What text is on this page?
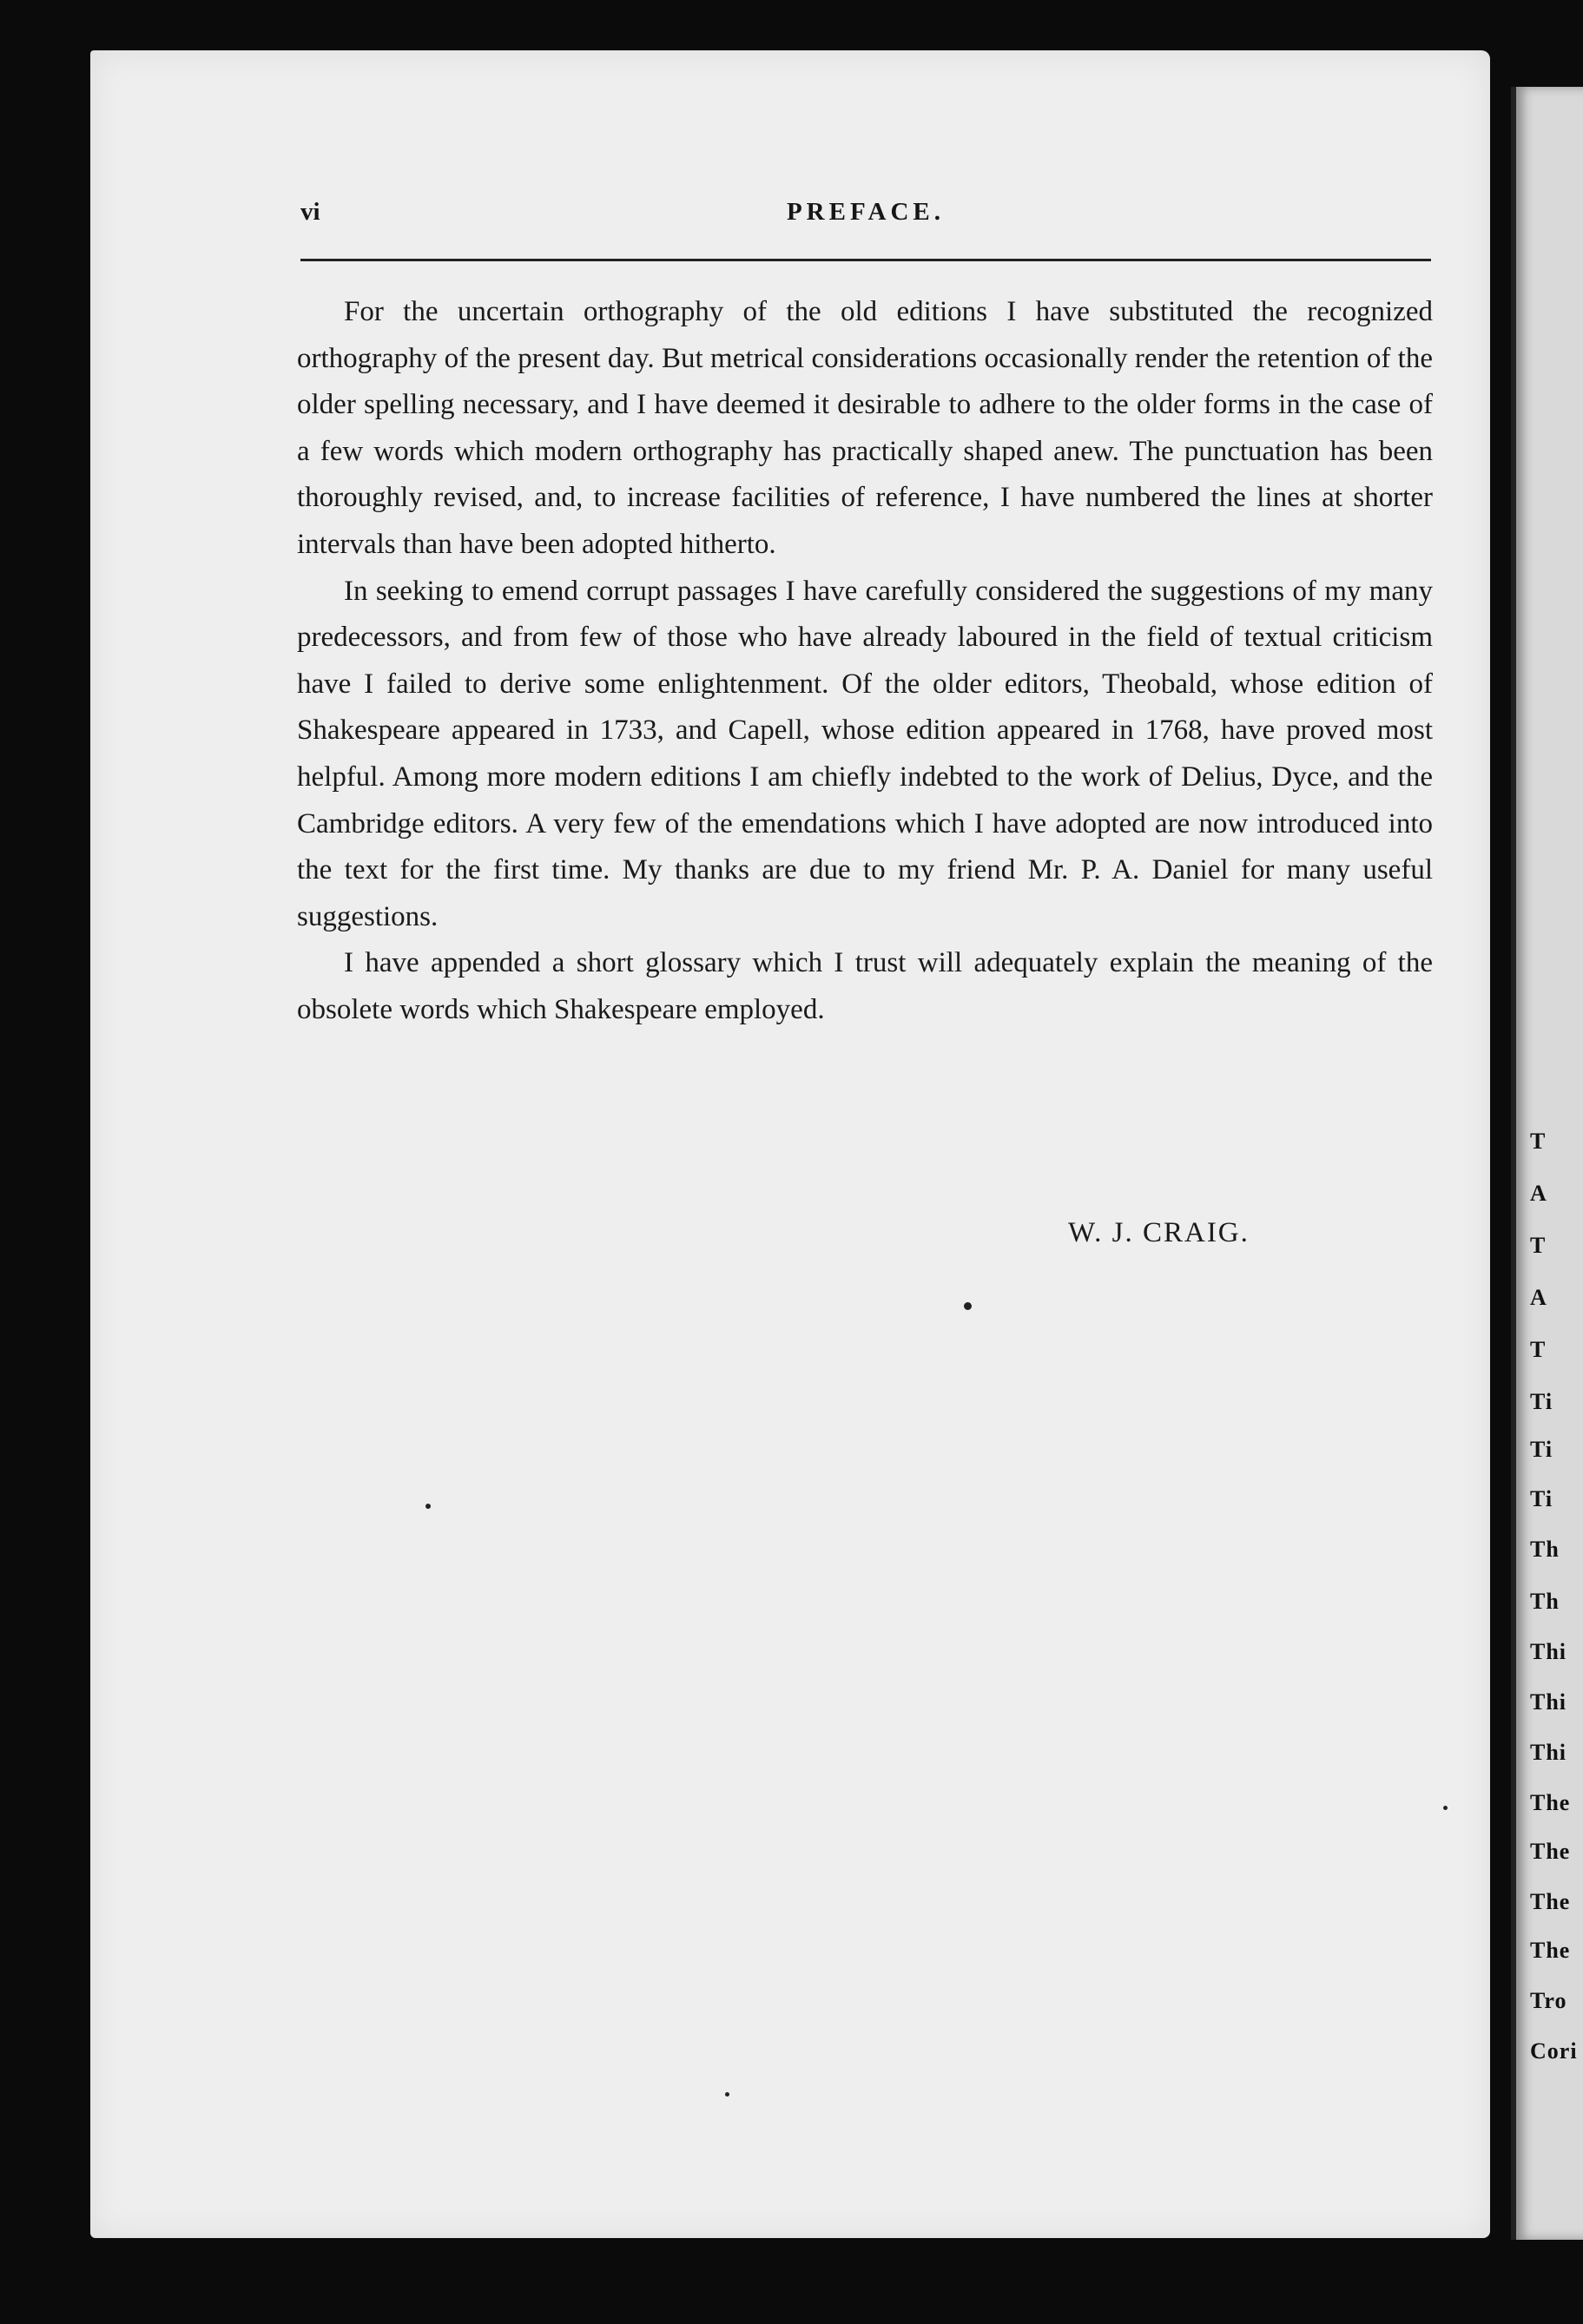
T
A
T
A
T
Ti
Ti
Ti
Th
Th
Thi
Thi
Thi
The
The
The
The
Tro
Cori
vi	PREFACE.

For the uncertain orthography of the old editions I have substituted the recognized orthography of the present day. But metrical considerations occasionally render the retention of the older spelling necessary, and I have deemed it desirable to adhere to the older forms in the case of a few words which modern orthography has practically shaped anew. The punctuation has been thoroughly revised, and, to increase facilities of reference, I have numbered the lines at shorter intervals than have been adopted hitherto.

In seeking to emend corrupt passages I have carefully considered the suggestions of my many predecessors, and from few of those who have already laboured in the field of textual criticism have I failed to derive some enlightenment. Of the older editors, Theobald, whose edition of Shakespeare appeared in 1733, and Capell, whose edition appeared in 1768, have proved most helpful. Among more modern editions I am chiefly indebted to the work of Delius, Dyce, and the Cambridge editors. A very few of the emendations which I have adopted are now introduced into the text for the first time. My thanks are due to my friend Mr. P. A. Daniel for many useful suggestions.

I have appended a short glossary which I trust will adequately explain the meaning of the obsolete words which Shakespeare employed.

W. J. CRAIG.
